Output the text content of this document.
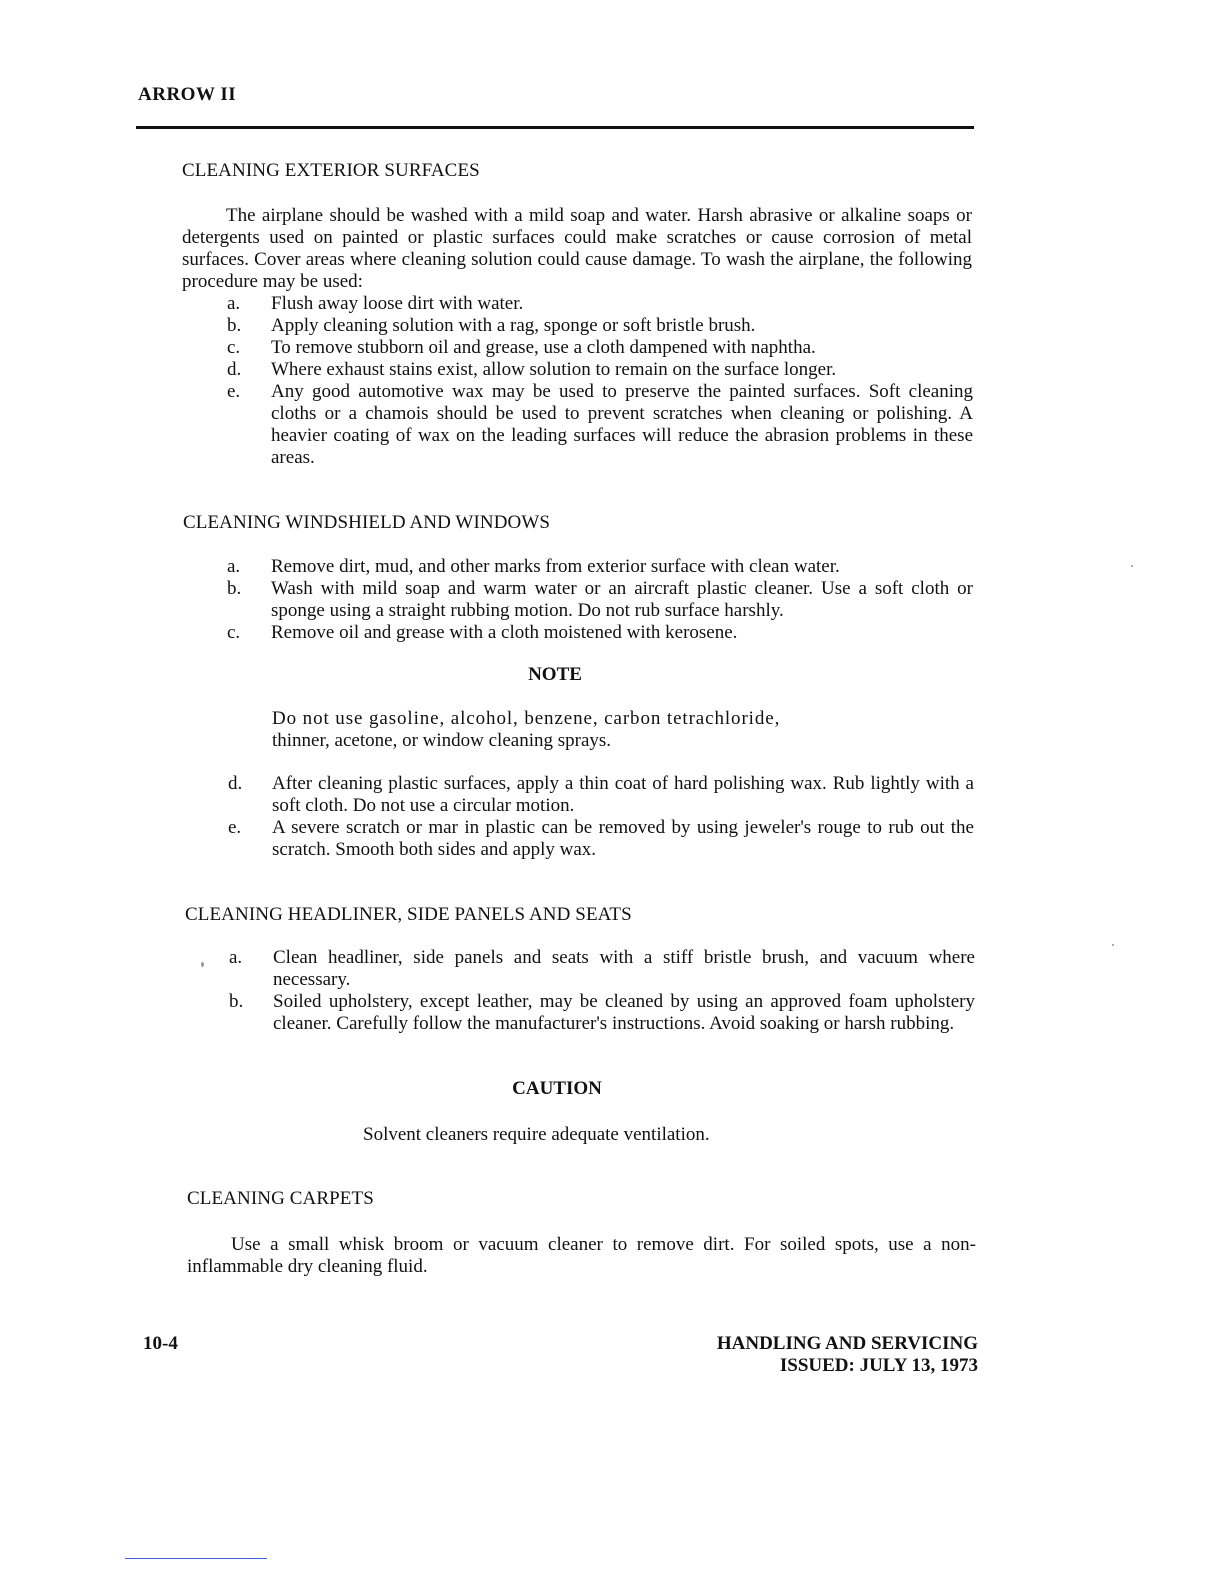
ARROW II
CLEANING EXTERIOR SURFACES
The airplane should be washed with a mild soap and water. Harsh abrasive or alkaline soaps or detergents used on painted or plastic surfaces could make scratches or cause corrosion of metal surfaces. Cover areas where cleaning solution could cause damage. To wash the airplane, the following procedure may be used:
a. Flush away loose dirt with water.
b. Apply cleaning solution with a rag, sponge or soft bristle brush.
c. To remove stubborn oil and grease, use a cloth dampened with naphtha.
d. Where exhaust stains exist, allow solution to remain on the surface longer.
e. Any good automotive wax may be used to preserve the painted surfaces. Soft cleaning cloths or a chamois should be used to prevent scratches when cleaning or polishing. A heavier coating of wax on the leading surfaces will reduce the abrasion problems in these areas.
CLEANING WINDSHIELD AND WINDOWS
a. Remove dirt, mud, and other marks from exterior surface with clean water.
b. Wash with mild soap and warm water or an aircraft plastic cleaner. Use a soft cloth or sponge using a straight rubbing motion. Do not rub surface harshly.
c. Remove oil and grease with a cloth moistened with kerosene.
NOTE
Do not use gasoline, alcohol, benzene, carbon tetrachloride,
thinner, acetone, or window cleaning sprays.
d. After cleaning plastic surfaces, apply a thin coat of hard polishing wax. Rub lightly with a soft cloth. Do not use a circular motion.
e. A severe scratch or mar in plastic can be removed by using jeweler's rouge to rub out the scratch. Smooth both sides and apply wax.
CLEANING HEADLINER, SIDE PANELS AND SEATS
a. Clean headliner, side panels and seats with a stiff bristle brush, and vacuum where necessary.
b. Soiled upholstery, except leather, may be cleaned by using an approved foam upholstery cleaner. Carefully follow the manufacturer's instructions. Avoid soaking or harsh rubbing.
CAUTION
Solvent cleaners require adequate ventilation.
CLEANING CARPETS
Use a small whisk broom or vacuum cleaner to remove dirt. For soiled spots, use a non-inflammable dry cleaning fluid.
10-4	HANDLING AND SERVICING
ISSUED: JULY 13, 1973
